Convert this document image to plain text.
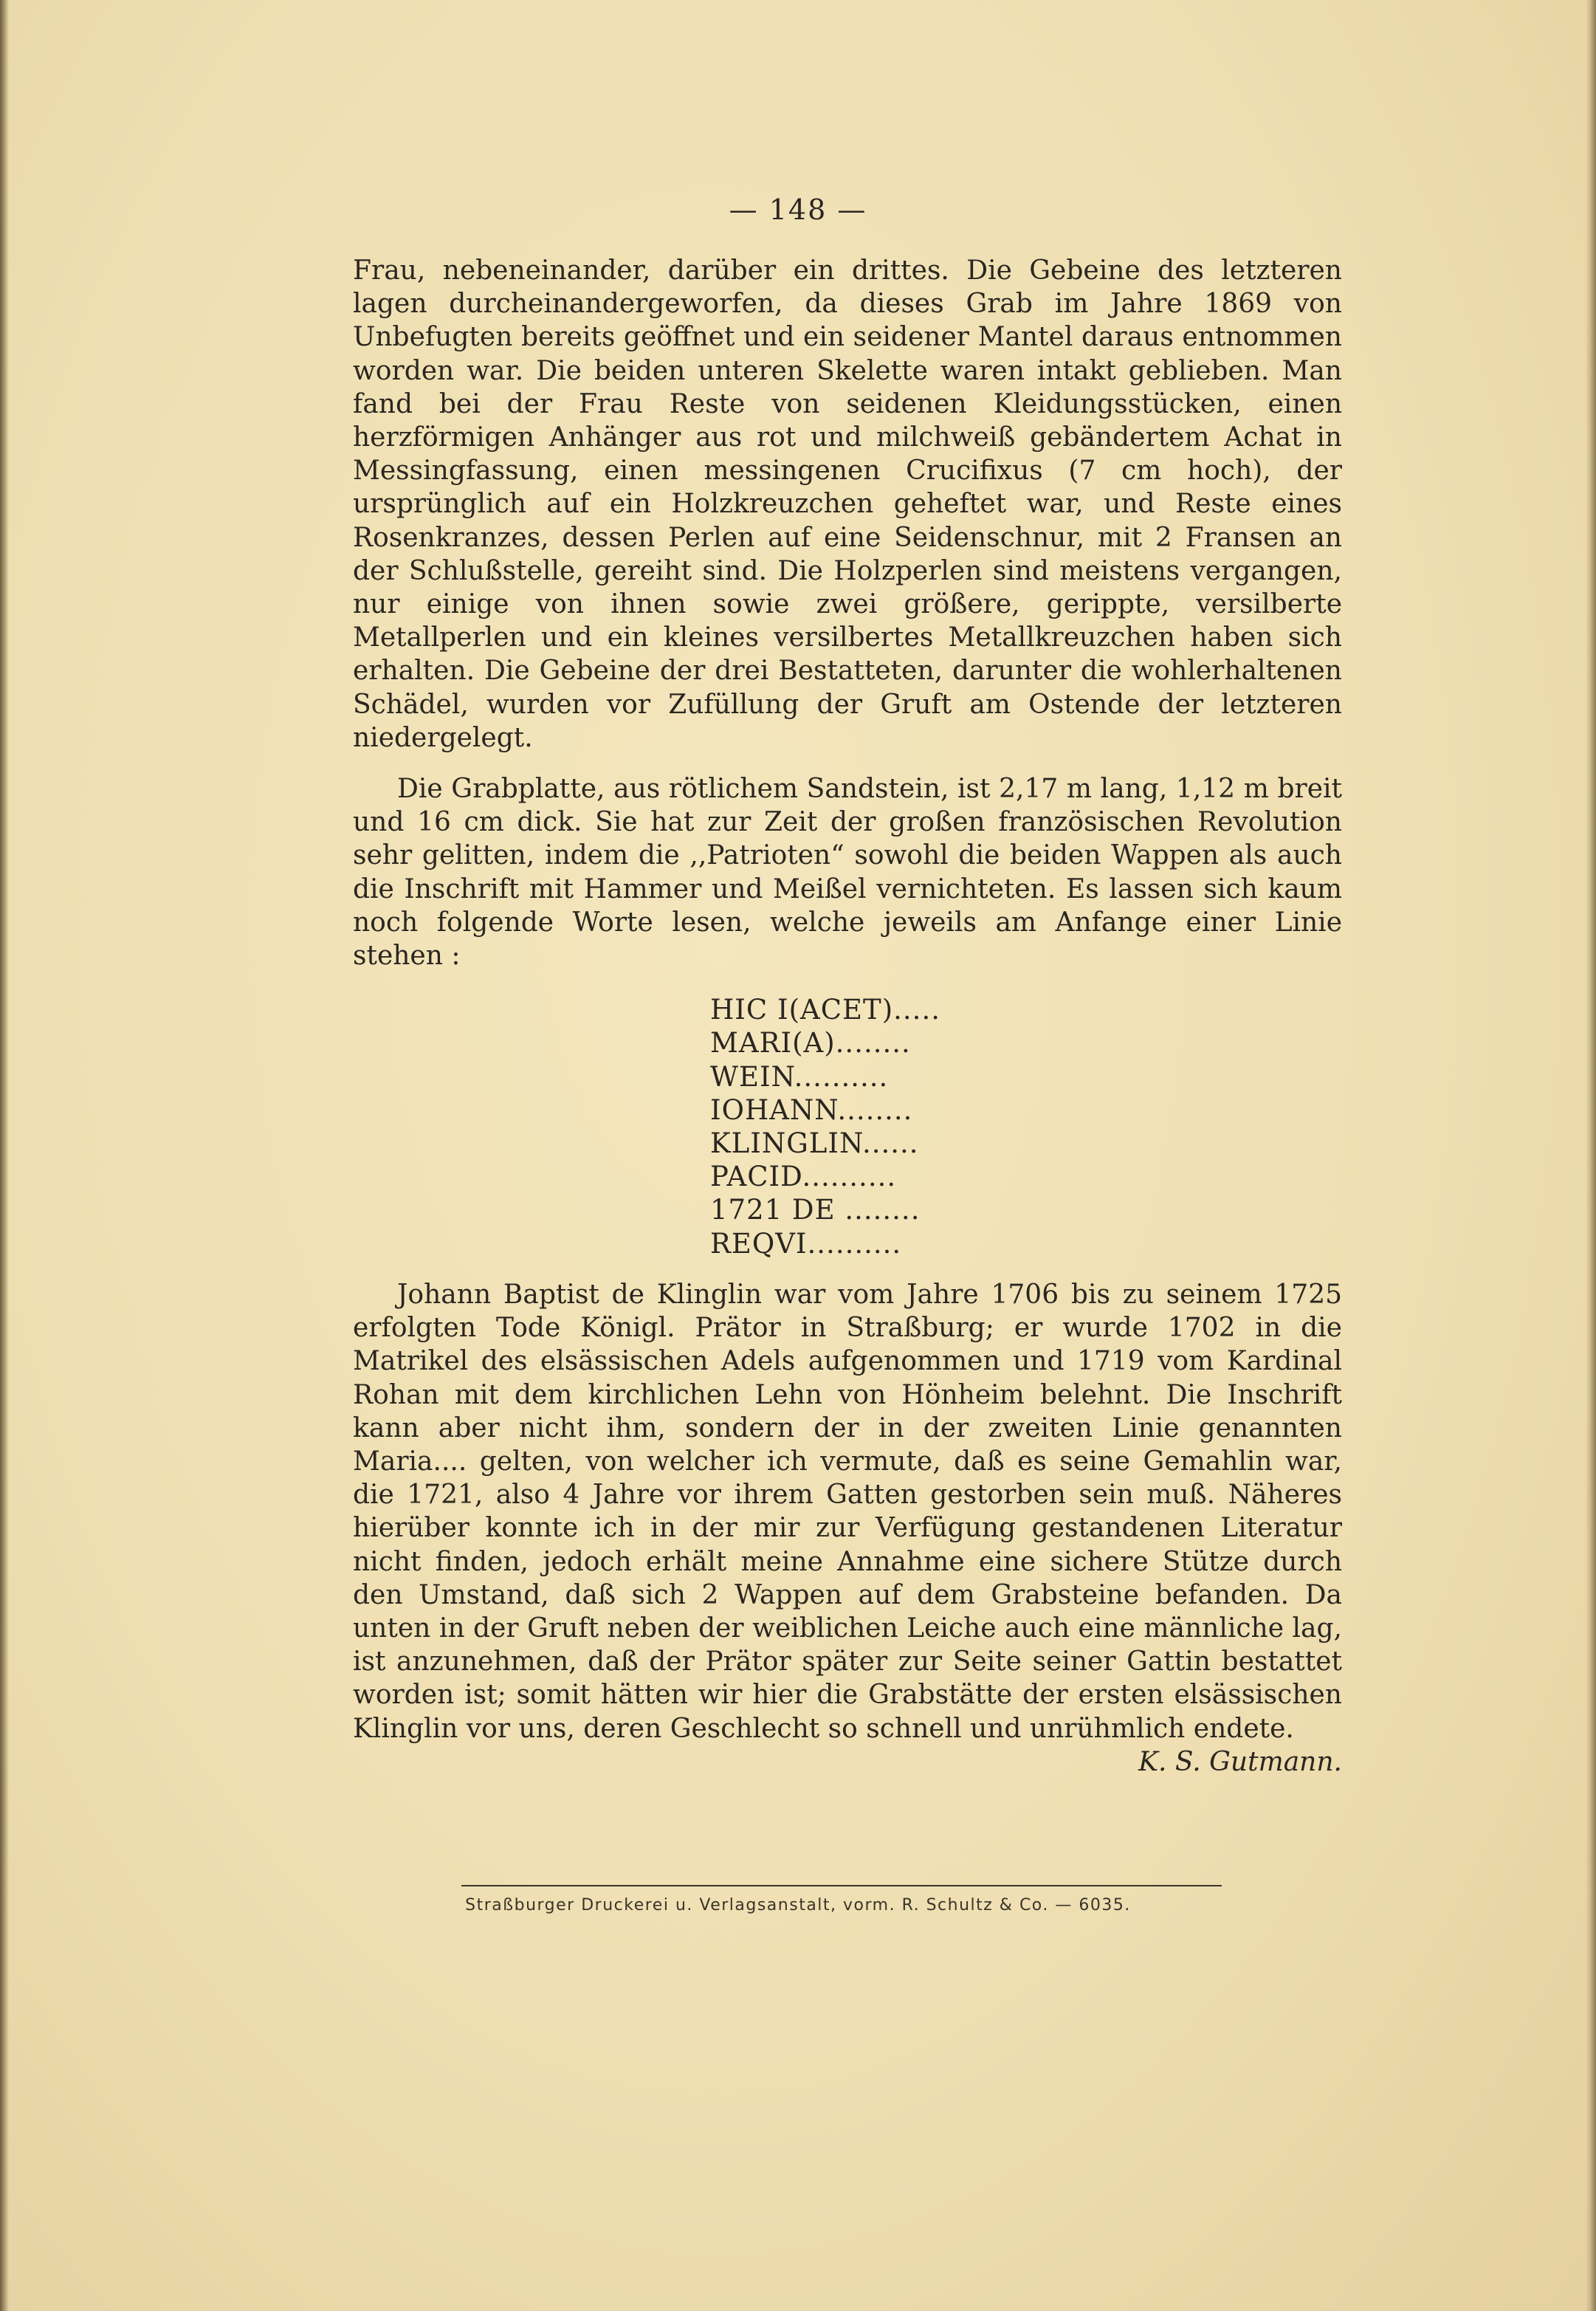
— 148 —

Frau, nebeneinander, darüber ein drittes. Die Gebeine des letzteren lagen durcheinandergeworfen, da dieses Grab im Jahre 1869 von Unbefugten bereits geöffnet und ein seidener Mantel daraus entnommen worden war. Die beiden unteren Skelette waren intakt geblieben. Man fand bei der Frau Reste von seidenen Kleidungsstücken, einen herzförmigen Anhänger aus rot und milchweiß gebändertem Achat in Messingfassung, einen messingenen Crucifixus (7 cm hoch), der ursprünglich auf ein Holzkreuzchen geheftet war, und Reste eines Rosenkranzes, dessen Perlen auf eine Seidenschnur, mit 2 Fransen an der Schlußstelle, gereiht sind. Die Holzperlen sind meistens vergangen, nur einige von ihnen sowie zwei größere, gerippte, versilberte Metallperlen und ein kleines versilbertes Metallkreuzchen haben sich erhalten. Die Gebeine der drei Bestatteten, darunter die wohlerhaltenen Schädel, wurden vor Zufüllung der Gruft am Ostende der letzteren niedergelegt.

Die Grabplatte, aus rötlichem Sandstein, ist 2,17 m lang, 1,12 m breit und 16 cm dick. Sie hat zur Zeit der großen französischen Revolution sehr gelitten, indem die ,,Patrioten“ sowohl die beiden Wappen als auch die Inschrift mit Hammer und Meißel vernichteten. Es lassen sich kaum noch folgende Worte lesen, welche jeweils am Anfange einer Linie stehen :

HIC I(ACET).....
MARI(A)........
WEIN..........
IOHANN........
KLINGLIN......
PACID..........
1721 DE ........
REQVI..........

Johann Baptist de Klinglin war vom Jahre 1706 bis zu seinem 1725 erfolgten Tode Königl. Prätor in Straßburg; er wurde 1702 in die Matrikel des elsässischen Adels aufgenommen und 1719 vom Kardinal Rohan mit dem kirchlichen Lehn von Hönheim belehnt. Die Inschrift kann aber nicht ihm, sondern der in der zweiten Linie genannten Maria.... gelten, von welcher ich vermute, daß es seine Gemahlin war, die 1721, also 4 Jahre vor ihrem Gatten gestorben sein muß. Näheres hierüber konnte ich in der mir zur Verfügung gestandenen Literatur nicht finden, jedoch erhält meine Annahme eine sichere Stütze durch den Umstand, daß sich 2 Wappen auf dem Grabsteine befanden. Da unten in der Gruft neben der weiblichen Leiche auch eine männliche lag, ist anzunehmen, daß der Prätor später zur Seite seiner Gattin bestattet worden ist; somit hätten wir hier die Grabstätte der ersten elsässischen Klinglin vor uns, deren Geschlecht so schnell und unrühmlich endete.

K. S. Gutmann.

Straßburger Druckerei u. Verlagsanstalt, vorm. R. Schultz & Co. — 6035.
